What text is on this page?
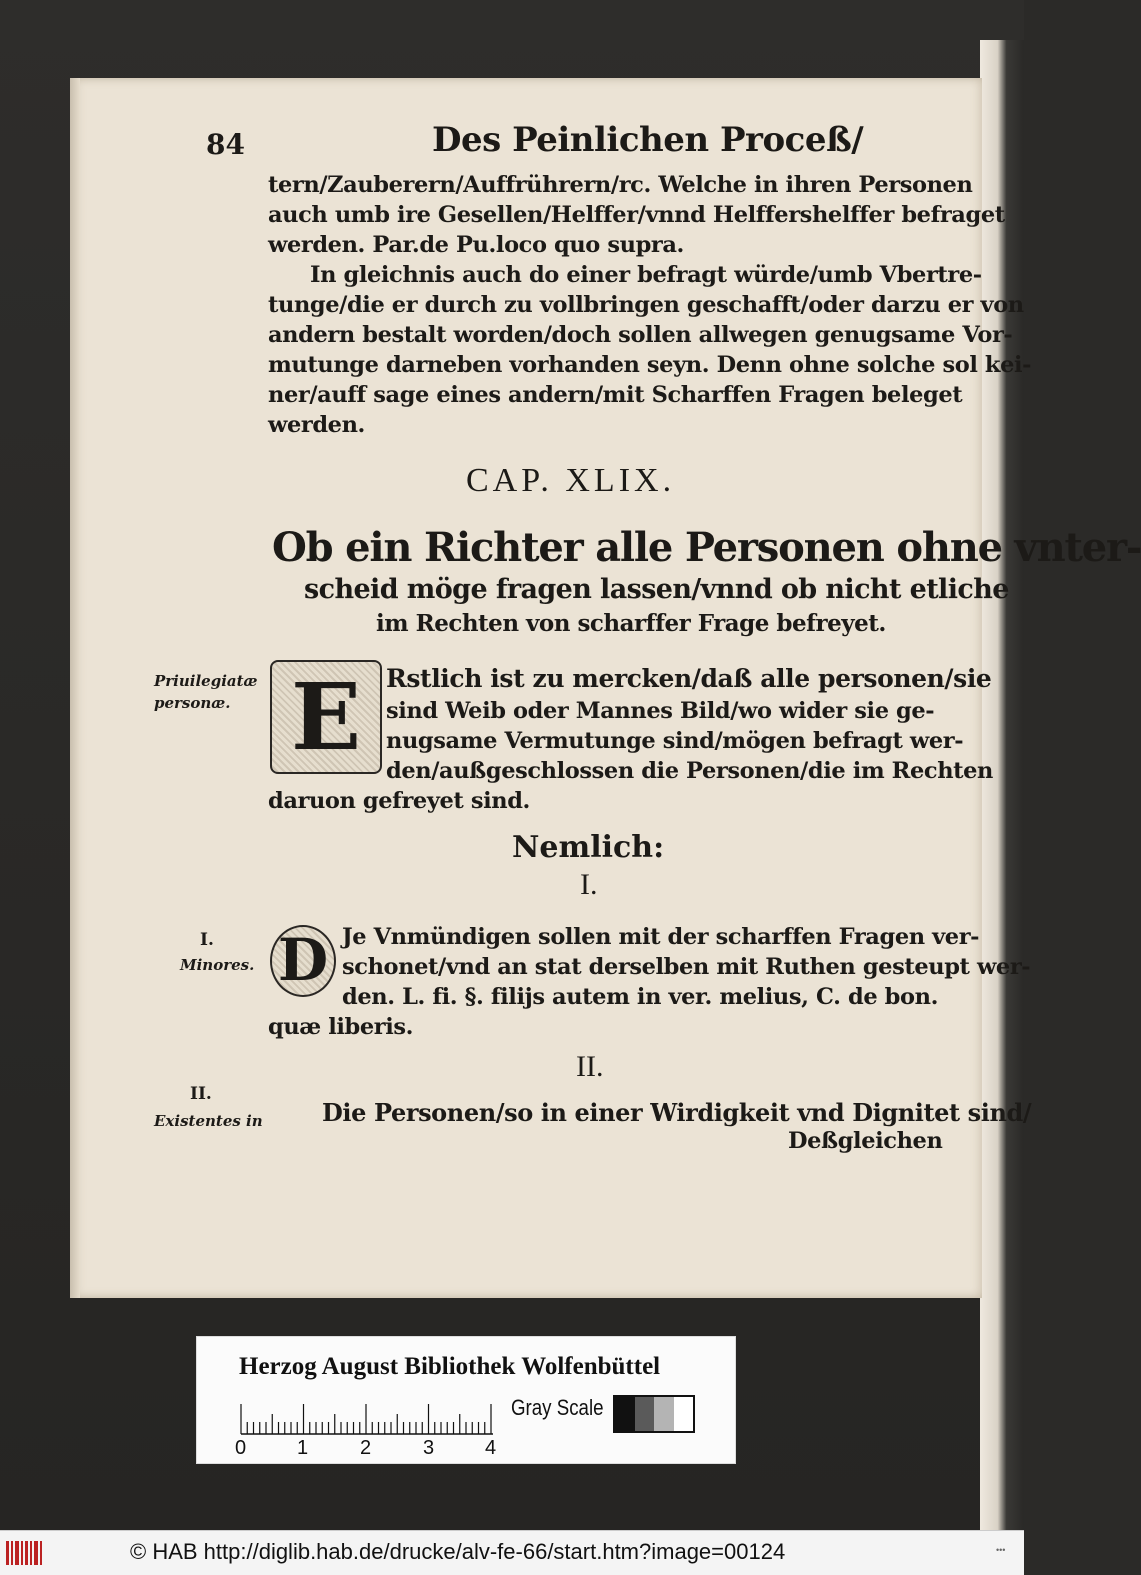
84	Des Peinlichen Proceß/
tern/Zauberern/Auffrührern/rc. Welche in ihren Personen
auch umb ire Gesellen/Helffer/vnnd Helffershelffer befraget
werden. Par.de Pu.loco quo supra.
In gleichnis auch do einer befragt würde/umb Vbertre-
tunge/die er durch zu vollbringen geschafft/oder darzu er von
andern bestalt worden/doch sollen allwegen genugsame Vor-
mutunge darneben vorhanden seyn. Denn ohne solche sol kei-
ner/auff sage eines andern/mit Scharffen Fragen beleget
werden.
CAP. XLIX.
Ob ein Richter alle Personen ohne vnter-
scheid möge fragen lassen/vnnd ob nicht etliche
im Rechten von scharffer Frage befreyet.
Priuilegiatæ
personæ. E Rstlich ist zu mercken/daß alle personen/sie
sind Weib oder Mannes Bild/wo wider sie ge-
nugsame Vermutunge sind/mögen befragt wer-
den/außgeschlossen die Personen/die im Rechten
daruon gefreyet sind.
Nemlich:
I.
I.
Minores. D Je Vnmündigen sollen mit der scharffen Fragen ver-
schonet/vnd an stat derselben mit Ruthen gesteupt wer-
den. L. fi. §. filijs autem in ver. melius, C. de bon.
quæ liberis.
II.
II.
Existentes in Die Personen/so in einer Wirdigkeit vnd Dignitet sind/
Deßgleichen
Herzog August Bibliothek Wolfenbüttel
0	1	2	3	4
Gray Scale
© HAB http://diglib.hab.de/drucke/alv-fe-66/start.htm?image=00124	•••
